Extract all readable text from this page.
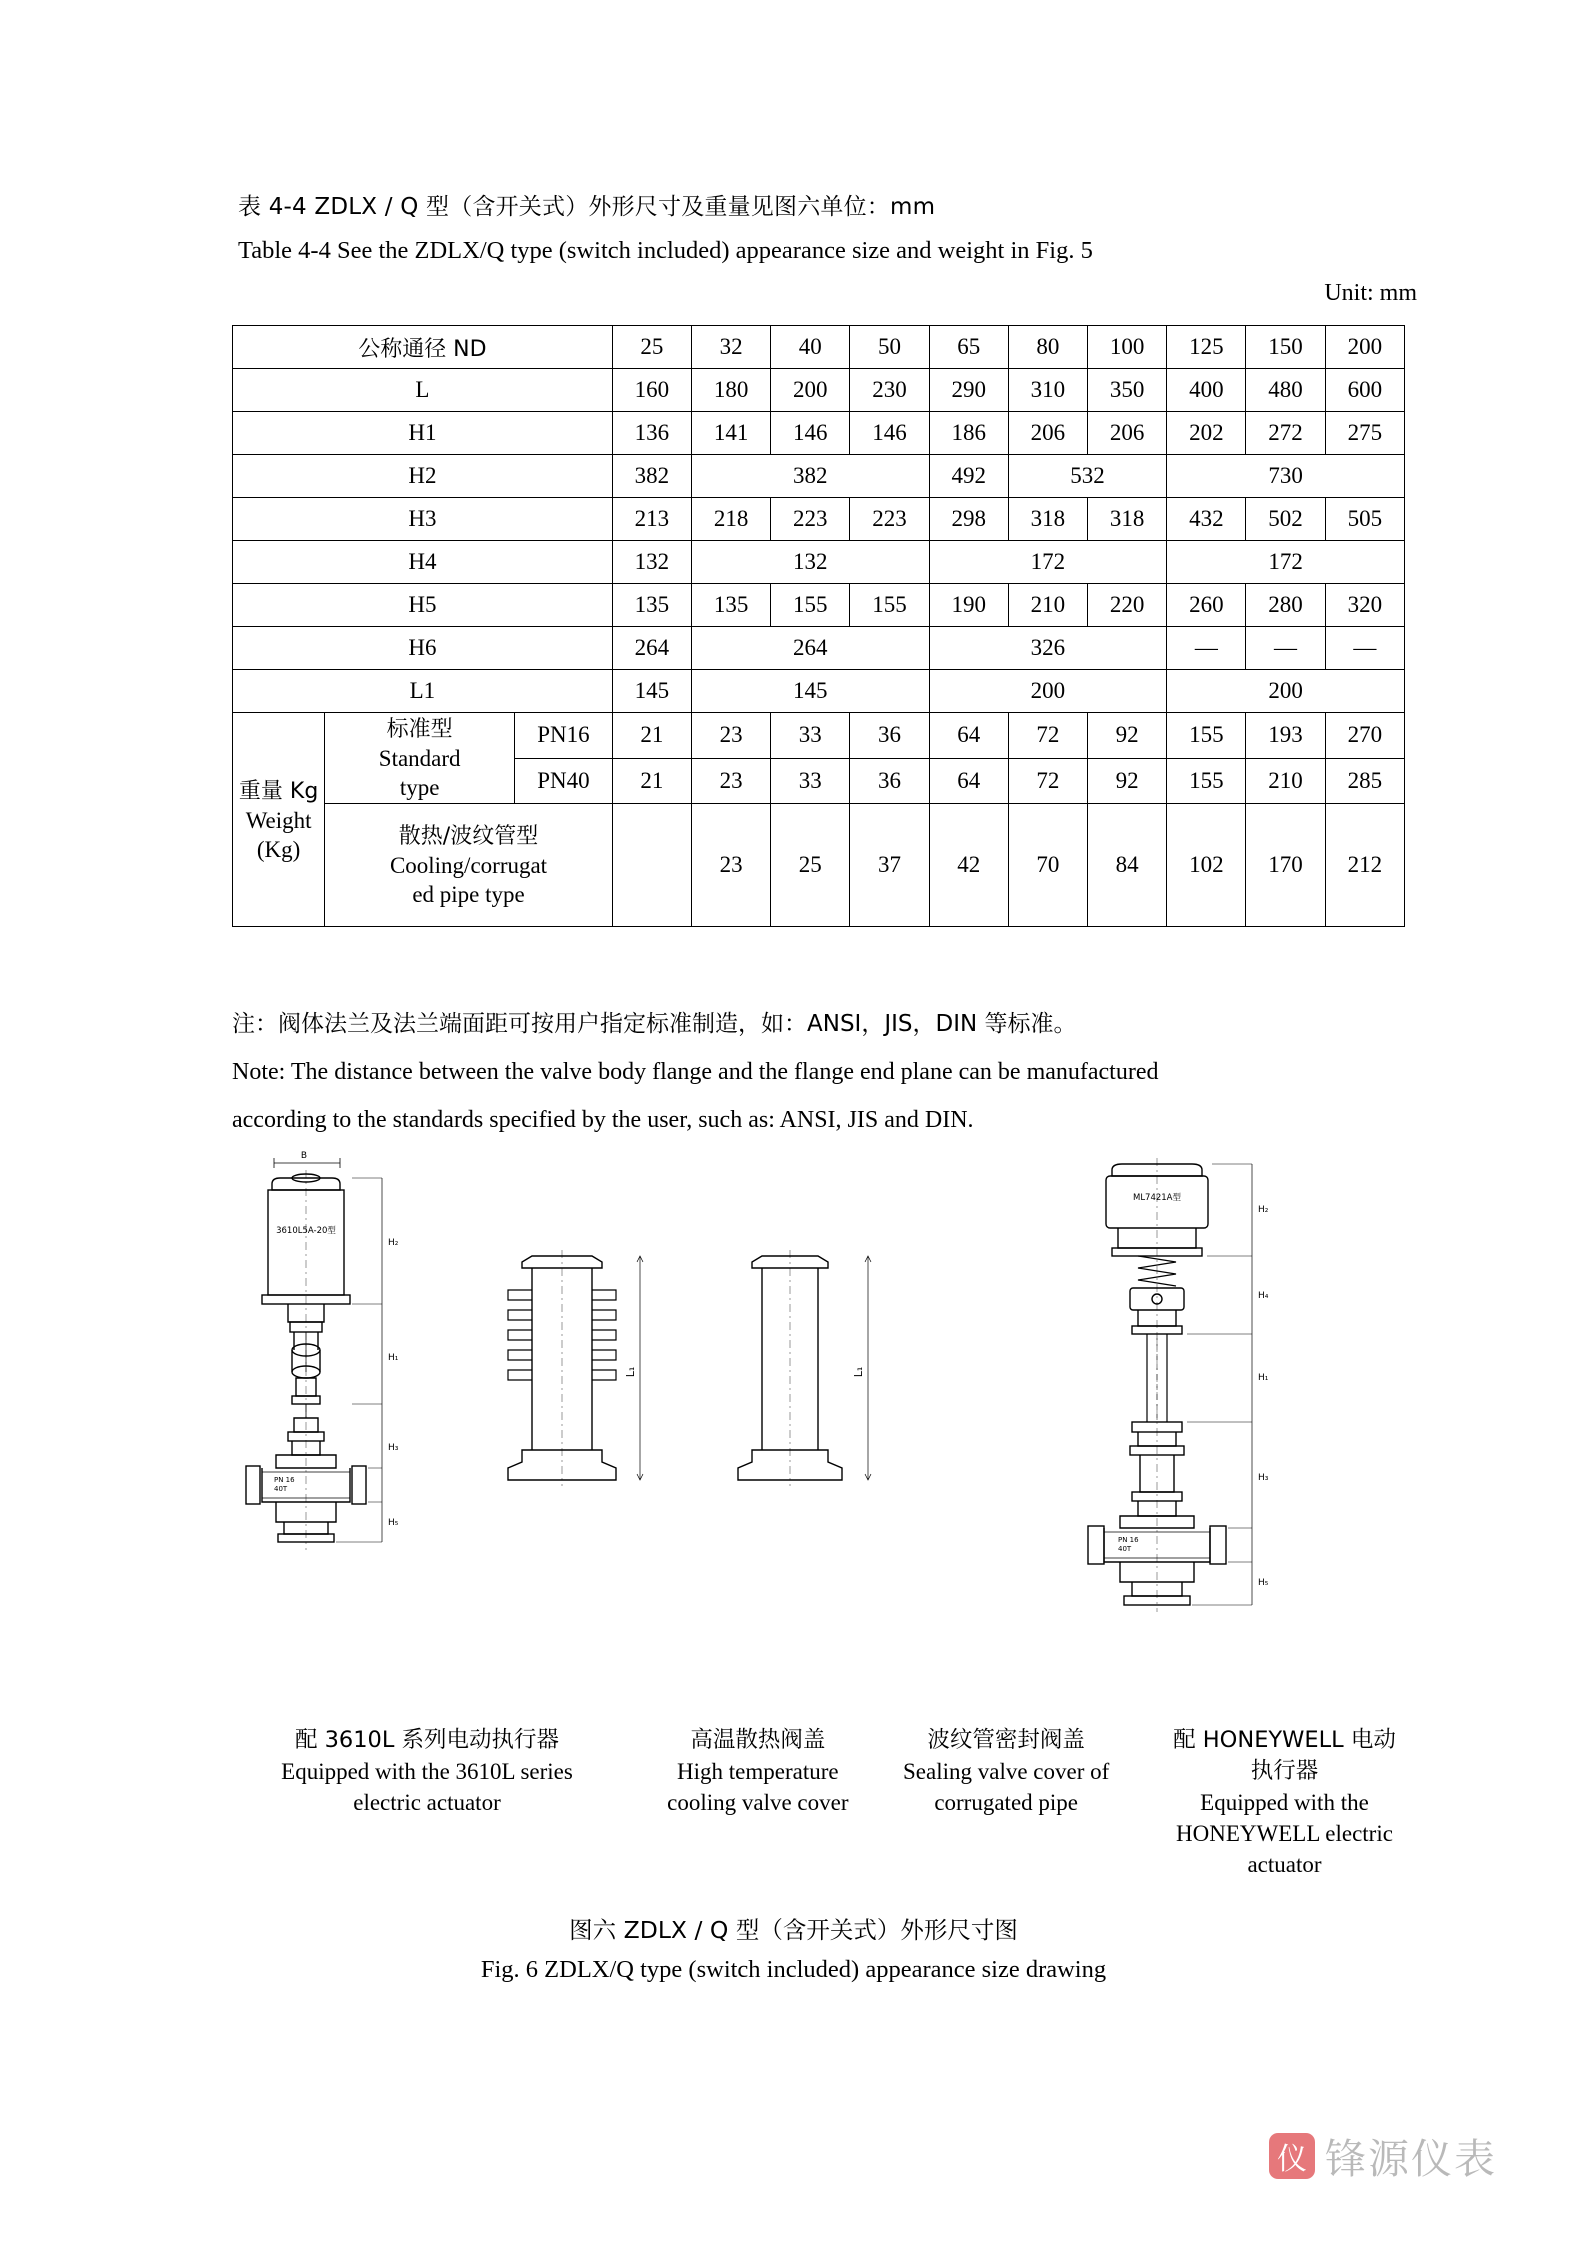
表 4-4 ZDLX / Q 型（含开关式）外形尺寸及重量见图六单位：mm
Table 4-4 See the ZDLX/Q type (switch included) appearance size and weight in Fig. 5
Unit: mm
公称通径 ND			25	32	40	50	65	80	100	125	150	200
L			160	180	200	230	290	310	350	400	480	600
H1			136	141	146	146	186	206	206	202	272	275
H2			382	382			492	532		730		
H3			213	218	223	223	298	318	318	432	502	505
H4			132	132			172			172		
H5			135	135	155	155	190	210	220	260	280	320
H6			264	264			326			—	—	—
L1			145	145			200			200		

重量 Kg
Weight
(Kg)	标准型
Standard
type	PN16	21	23	33	36	64	72	92	155	193	270
		PN40	21	23	33	36	64	72	92	155	210	285

	散热/波纹管型
Cooling/corrugat
ed pipe type			23	25	37	42	70	84	102	170	212
注：阀体法兰及法兰端面距可按用户指定标准制造，如：ANSI，JIS，DIN 等标准。
Note: The distance between the valve body flange and the flange end plane can be manufactured
according to the standards specified by the user, such as: ANSI, JIS and DIN.
B
3610L5A-20型
PN 16
40T
H₂
H₁
H₃
H₅
L₁	L₁
ML7421A型
PN 16
40T
H₂
H₄
H₁
H₃
H₅
配 3610L 系列电动执行器
Equipped with the 3610L series
electric actuator
高温散热阀盖
High temperature
cooling valve cover
波纹管密封阀盖
Sealing valve cover of
corrugated pipe
配 HONEYWELL 电动
执行器
Equipped with the
HONEYWELL electric
actuator
图六 ZDLX / Q 型（含开关式）外形尺寸图
Fig. 6 ZDLX/Q type (switch included) appearance size drawing
仪 锋源仪表
